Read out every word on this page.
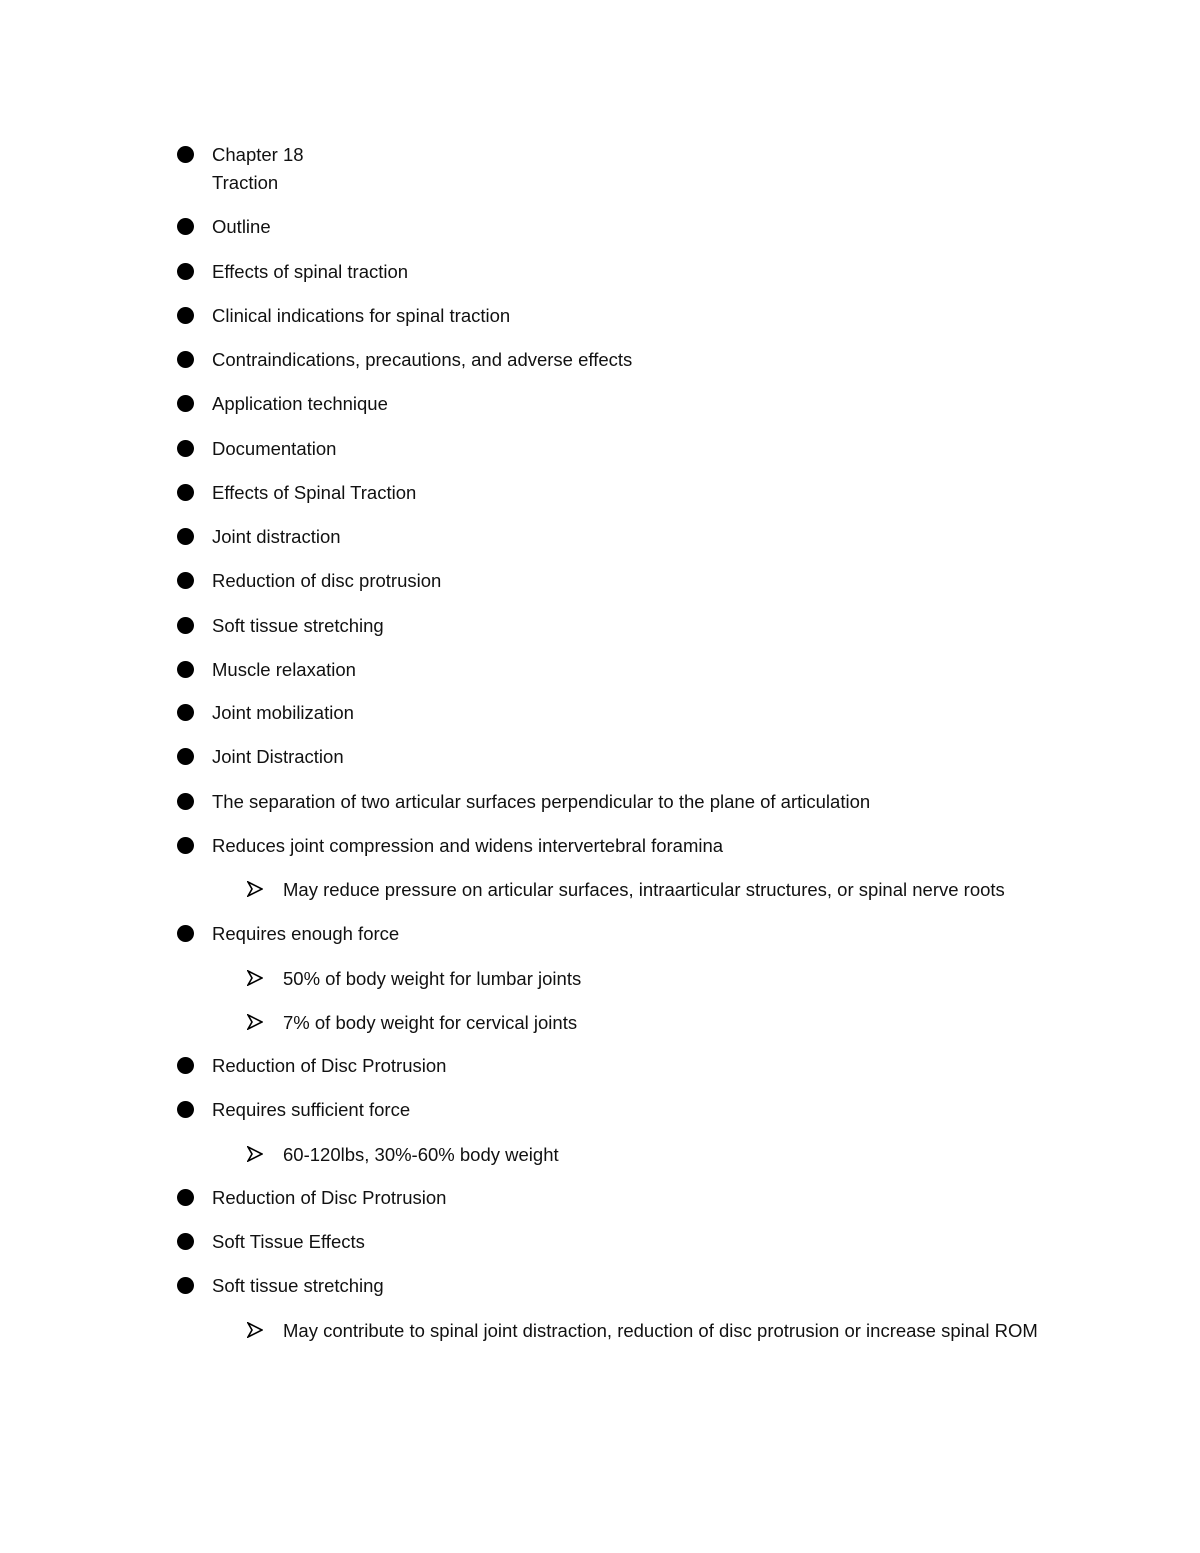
Chapter 18
Traction
Outline
Effects of spinal traction
Clinical indications for spinal traction
Contraindications, precautions, and adverse effects
Application technique
Documentation
Effects of Spinal Traction
Joint distraction
Reduction of disc protrusion
Soft tissue stretching
Muscle relaxation
Joint mobilization
Joint Distraction
The separation of two articular surfaces perpendicular to the plane of articulation
Reduces joint compression and widens intervertebral foramina
May reduce pressure on articular surfaces, intraarticular structures, or spinal nerve roots
Requires enough force
50% of body weight for lumbar joints
7% of body weight for cervical joints
Reduction of Disc Protrusion
Requires sufficient force
60-120lbs, 30%-60% body weight
Reduction of Disc Protrusion
Soft Tissue Effects
Soft tissue stretching
May contribute to spinal joint distraction, reduction of disc protrusion or increase spinal ROM
